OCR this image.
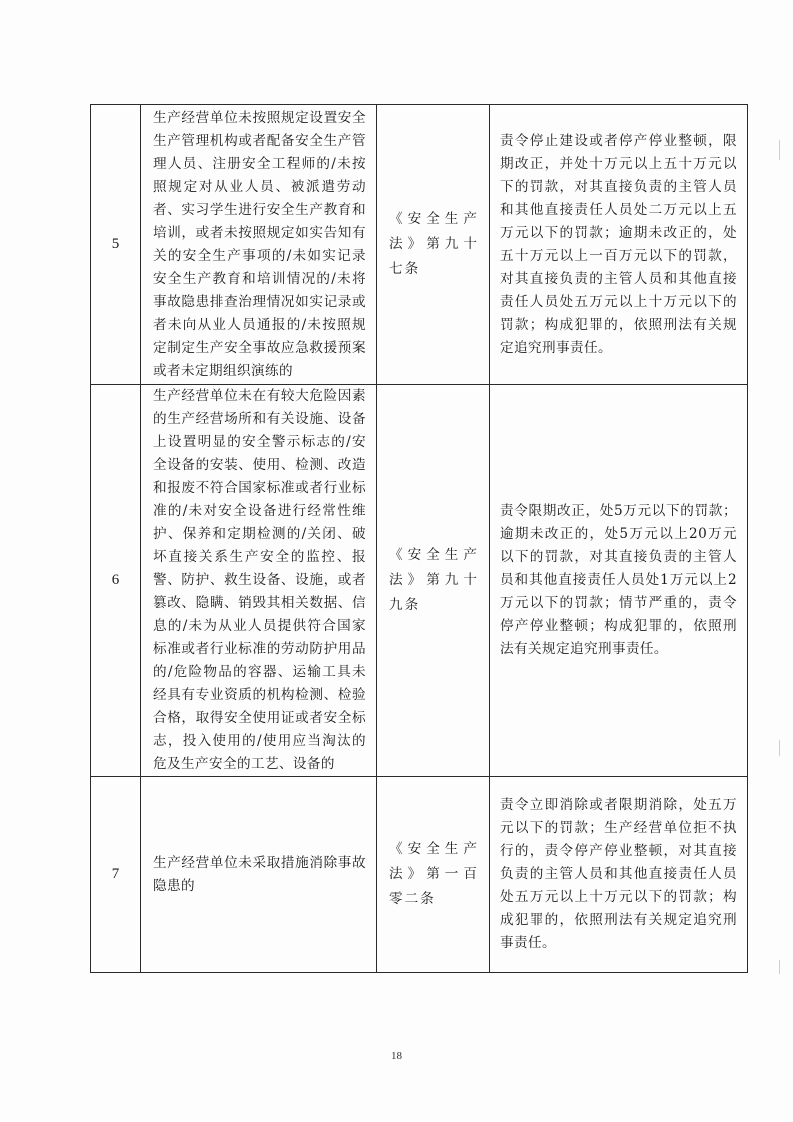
5	生产经营单位未按照规定设置安全生产管理机构或者配备安全生产管理人员、注册安全工程师的/未按照规定对从业人员、被派遣劳动者、实习学生进行安全生产教育和培训，或者未按照规定如实告知有关的安全生产事项的/未如实记录安全生产教育和培训情况的/未将事故隐患排查治理情况如实记录或者未向从业人员通报的/未按照规定制定生产安全事故应急救援预案或者未定期组织演练的	《安全生产法》第九十七条	责令停止建设或者停产停业整顿，限期改正，并处十万元以上五十万元以下的罚款，对其直接负责的主管人员和其他直接责任人员处二万元以上五万元以下的罚款；逾期未改正的，处五十万元以上一百万元以下的罚款，对其直接负责的主管人员和其他直接责任人员处五万元以上十万元以下的罚款；构成犯罪的，依照刑法有关规定追究刑事责任。

6	生产经营单位未在有较大危险因素的生产经营场所和有关设施、设备上设置明显的安全警示标志的/安全设备的安装、使用、检测、改造和报废不符合国家标准或者行业标准的/未对安全设备进行经常性维护、保养和定期检测的/关闭、破坏直接关系生产安全的监控、报警、防护、救生设备、设施，或者篡改、隐瞒、销毁其相关数据、信息的/未为从业人员提供符合国家标准或者行业标准的劳动防护用品的/危险物品的容器、运输工具未经具有专业资质的机构检测、检验合格，取得安全使用证或者安全标志，投入使用的/使用应当淘汰的危及生产安全的工艺、设备的	《安全生产法》第九十九条	责令限期改正，处5万元以下的罚款；逾期未改正的，处5万元以上20万元以下的罚款，对其直接负责的主管人员和其他直接责任人员处1万元以上2万元以下的罚款；情节严重的，责令停产停业整顿；构成犯罪的，依照刑法有关规定追究刑事责任。

7	生产经营单位未采取措施消除事故隐患的	《安全生产法》第一百零二条	责令立即消除或者限期消除，处五万元以下的罚款；生产经营单位拒不执行的，责令停产停业整顿，对其直接负责的主管人员和其他直接责任人员处五万元以上十万元以下的罚款；构成犯罪的，依照刑法有关规定追究刑事责任。
18
